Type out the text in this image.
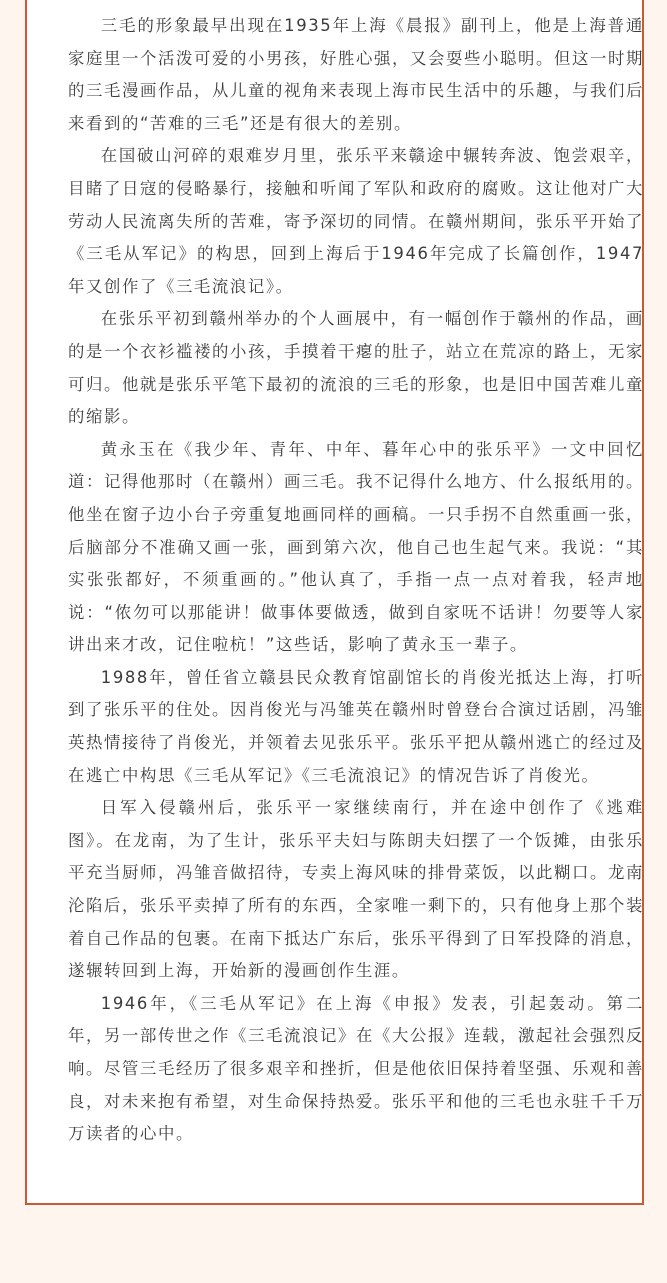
三毛的形象最早出现在1935年上海《晨报》副刊上，他是上海普通家庭里一个活泼可爱的小男孩，好胜心强，又会耍些小聪明。但这一时期的三毛漫画作品，从儿童的视角来表现上海市民生活中的乐趣，与我们后来看到的“苦难的三毛”还是有很大的差别。

在国破山河碎的艰难岁月里，张乐平来赣途中辗转奔波、饱尝艰辛，目睹了日寇的侵略暴行，接触和听闻了军队和政府的腐败。这让他对广大劳动人民流离失所的苦难，寄予深切的同情。在赣州期间，张乐平开始了《三毛从军记》的构思，回到上海后于1946年完成了长篇创作，1947年又创作了《三毛流浪记》。

在张乐平初到赣州举办的个人画展中，有一幅创作于赣州的作品，画的是一个衣衫褴褛的小孩，手摸着干瘪的肚子，站立在荒凉的路上，无家可归。他就是张乐平笔下最初的流浪的三毛的形象，也是旧中国苦难儿童的缩影。

黄永玉在《我少年、青年、中年、暮年心中的张乐平》一文中回忆道：记得他那时（在赣州）画三毛。我不记得什么地方、什么报纸用的。他坐在窗子边小台子旁重复地画同样的画稿。一只手拐不自然重画一张，后脑部分不准确又画一张，画到第六次，他自己也生起气来。我说：“其实张张都好，不须重画的。”他认真了，手指一点一点对着我，轻声地说：“侬勿可以那能讲！做事体要做透，做到自家呒不话讲！勿要等人家讲出来才改，记住啦杭！”这些话，影响了黄永玉一辈子。

1988年，曾任省立赣县民众教育馆副馆长的肖俊光抵达上海，打听到了张乐平的住处。因肖俊光与冯雏英在赣州时曾登台合演过话剧，冯雏英热情接待了肖俊光，并领着去见张乐平。张乐平把从赣州逃亡的经过及在逃亡中构思《三毛从军记》《三毛流浪记》的情况告诉了肖俊光。

日军入侵赣州后，张乐平一家继续南行，并在途中创作了《逃难图》。在龙南，为了生计，张乐平夫妇与陈朗夫妇摆了一个饭摊，由张乐平充当厨师，冯雏音做招待，专卖上海风味的排骨菜饭，以此糊口。龙南沦陷后，张乐平卖掉了所有的东西，全家唯一剩下的，只有他身上那个装着自己作品的包裹。在南下抵达广东后，张乐平得到了日军投降的消息，遂辗转回到上海，开始新的漫画创作生涯。

1946年，《三毛从军记》在上海《申报》发表，引起轰动。第二年，另一部传世之作《三毛流浪记》在《大公报》连载，激起社会强烈反响。尽管三毛经历了很多艰辛和挫折，但是他依旧保持着坚强、乐观和善良，对未来抱有希望，对生命保持热爱。张乐平和他的三毛也永驻千千万万读者的心中。
